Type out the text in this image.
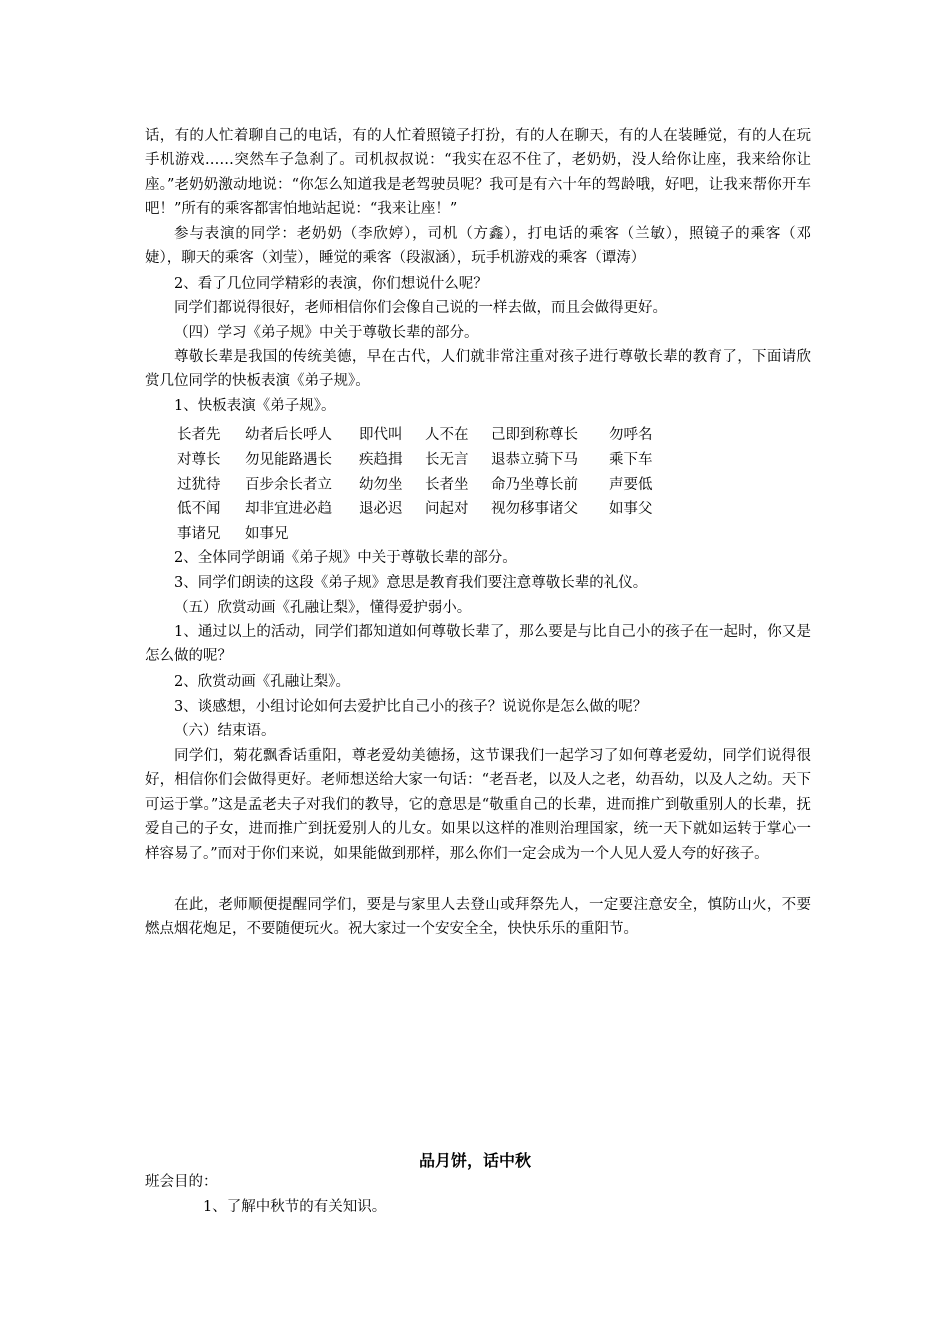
话，有的人忙着聊自己的电话，有的人忙着照镜子打扮，有的人在聊天，有的人在装睡觉，有的人在玩手机游戏……突然车子急刹了。司机叔叔说：“我实在忍不住了，老奶奶，没人给你让座，我来给你让座。”老奶奶激动地说：“你怎么知道我是老驾驶员呢？我可是有六十年的驾龄哦，好吧，让我来帮你开车吧！”所有的乘客都害怕地站起说：“我来让座！”

参与表演的同学：老奶奶（李欣婷），司机（方鑫），打电话的乘客（兰敏），照镜子的乘客（邓婕），聊天的乘客（刘莹），睡觉的乘客（段淑涵），玩手机游戏的乘客（谭涛）

2、看了几位同学精彩的表演，你们想说什么呢？

同学们都说得很好，老师相信你们会像自己说的一样去做，而且会做得更好。

（四）学习《弟子规》中关于尊敬长辈的部分。

尊敬长辈是我国的传统美德，早在古代，人们就非常注重对孩子进行尊敬长辈的教育了，下面请欣赏几位同学的快板表演《弟子规》。

1、快板表演《弟子规》。

长者先	幼者后长呼人	即代叫	人不在	己即到称尊长	勿呼名
对尊长	勿见能路遇长	疾趋揖	长无言	退恭立骑下马	乘下车
过犹待	百步余长者立	幼勿坐	长者坐	命乃坐尊长前	声要低
低不闻	却非宜进必趋	退必迟	问起对	视勿移事诸父	如事父
事诸兄	如事兄

2、全体同学朗诵《弟子规》中关于尊敬长辈的部分。

3、同学们朗读的这段《弟子规》意思是教育我们要注意尊敬长辈的礼仪。

（五）欣赏动画《孔融让梨》，懂得爱护弱小。

1、通过以上的活动，同学们都知道如何尊敬长辈了，那么要是与比自己小的孩子在一起时，你又是怎么做的呢？

2、欣赏动画《孔融让梨》。

3、谈感想，小组讨论如何去爱护比自己小的孩子？说说你是怎么做的呢？

（六）结束语。

同学们，菊花飘香话重阳，尊老爱幼美德扬，这节课我们一起学习了如何尊老爱幼，同学们说得很好，相信你们会做得更好。老师想送给大家一句话：“老吾老，以及人之老，幼吾幼，以及人之幼。天下可运于掌。”这是孟老夫子对我们的教导，它的意思是“敬重自己的长辈，进而推广到敬重别人的长辈，抚爱自己的子女，进而推广到抚爱别人的儿女。如果以这样的准则治理国家，统一天下就如运转于掌心一样容易了。”而对于你们来说，如果能做到那样，那么你们一定会成为一个人见人爱人夸的好孩子。

在此，老师顺便提醒同学们，要是与家里人去登山或拜祭先人，一定要注意安全，慎防山火，不要燃点烟花炮足，不要随便玩火。祝大家过一个安安全全，快快乐乐的重阳节。

品月饼，话中秋

班会目的：

1、了解中秋节的有关知识。
